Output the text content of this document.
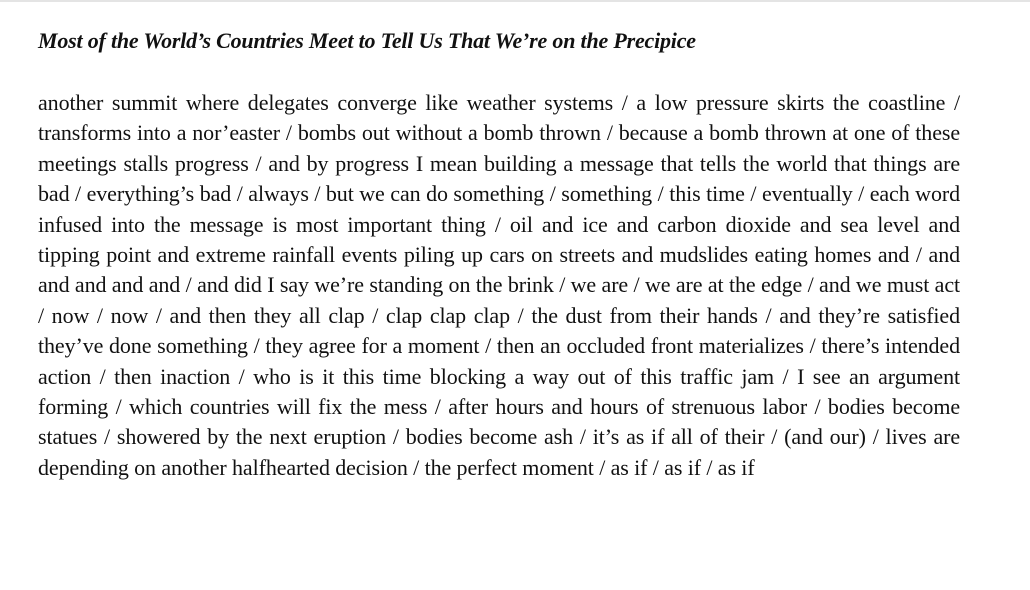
Most of the World’s Countries Meet to Tell Us That We’re on the Precipice

another summit where delegates converge like weather systems / a low pressure skirts the coastline / transforms into a nor’easter / bombs out without a bomb thrown / because a bomb thrown at one of these meetings stalls progress / and by progress I mean building a message that tells the world that things are bad / everything’s bad / always / but we can do something / something / this time / eventually / each word infused into the message is most important thing / oil and ice and carbon dioxide and sea level and tipping point and extreme rainfall events piling up cars on streets and mudslides eating homes and / and and and and and / and did I say we’re standing on the brink / we are / we are at the edge / and we must act / now / now / and then they all clap / clap clap clap / the dust from their hands / and they’re satisfied they’ve done something / they agree for a moment / then an occluded front materializes / there’s intended action / then inaction / who is it this time blocking a way out of this traffic jam / I see an argument forming / which countries will fix the mess / after hours and hours of strenuous labor / bodies become statues / showered by the next eruption / bodies become ash / it’s as if all of their / (and our) / lives are depending on another halfhearted decision / the perfect moment / as if / as if / as if
